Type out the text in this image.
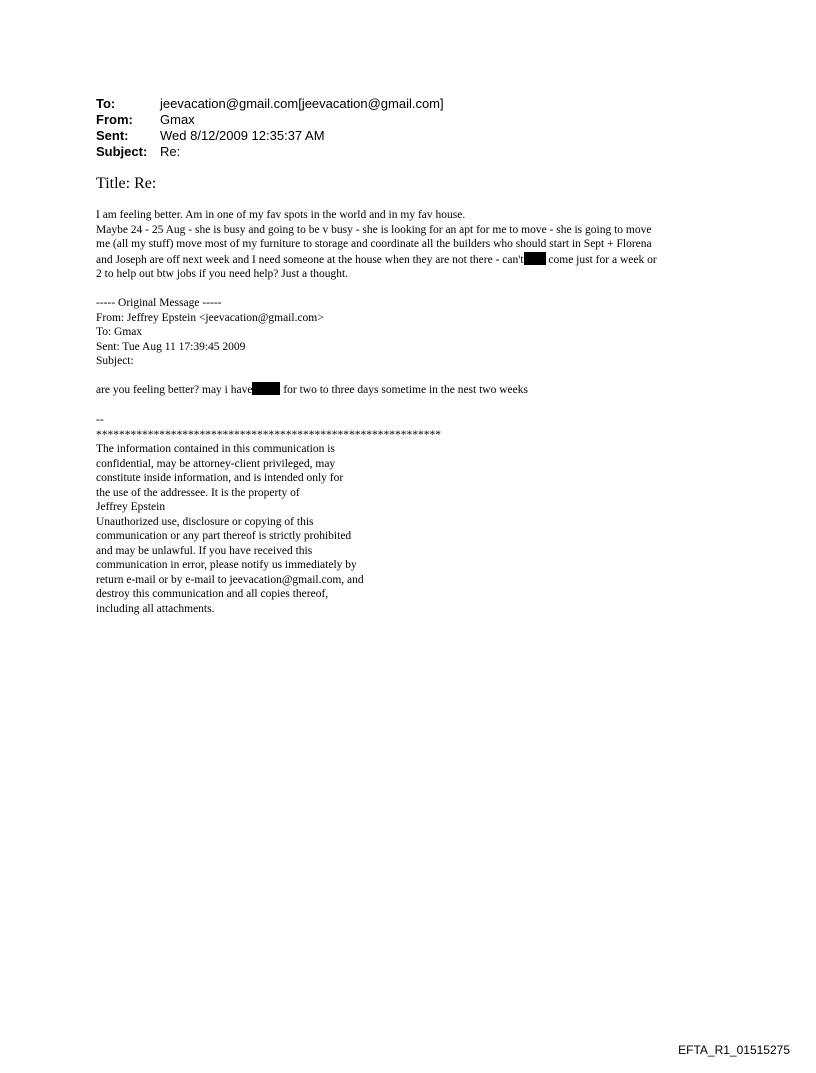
To:	jeevacation@gmail.com[jeevacation@gmail.com]
From:	Gmax
Sent:	Wed 8/12/2009 12:35:37 AM
Subject: Re:
Title: Re:

I am feeling better. Am in one of my fav spots in the world and in my fav house.

Maybe 24 - 25 Aug - she is busy and going to be v busy - she is looking for an apt for me to move - she is going to move

me (all my stuff) move most of my furniture to storage and coordinate all the builders who should start in Sept + Florena

and Joseph are off next week and I need someone at the house when they are not there - can't come just for a week or

2 to help out btw jobs if you need help? Just a thought.

----- Original Message -----

From: Jeffrey Epstein <jeevacation@gmail.com>

To: Gmax

Sent: Tue Aug 11 17:39:45 2009

Subject:

are you feeling better? may i have for two to three days sometime in the nest two weeks

--

************************************************************

The information contained in this communication is

confidential, may be attorney-client privileged, may

constitute inside information, and is intended only for

the use of the addressee. It is the property of

Jeffrey Epstein

Unauthorized use, disclosure or copying of this

communication or any part thereof is strictly prohibited

and may be unlawful. If you have received this

communication in error, please notify us immediately by

return e-mail or by e-mail to jeevacation@gmail.com, and

destroy this communication and all copies thereof,

including all attachments.

EFTA_R1_01515275
